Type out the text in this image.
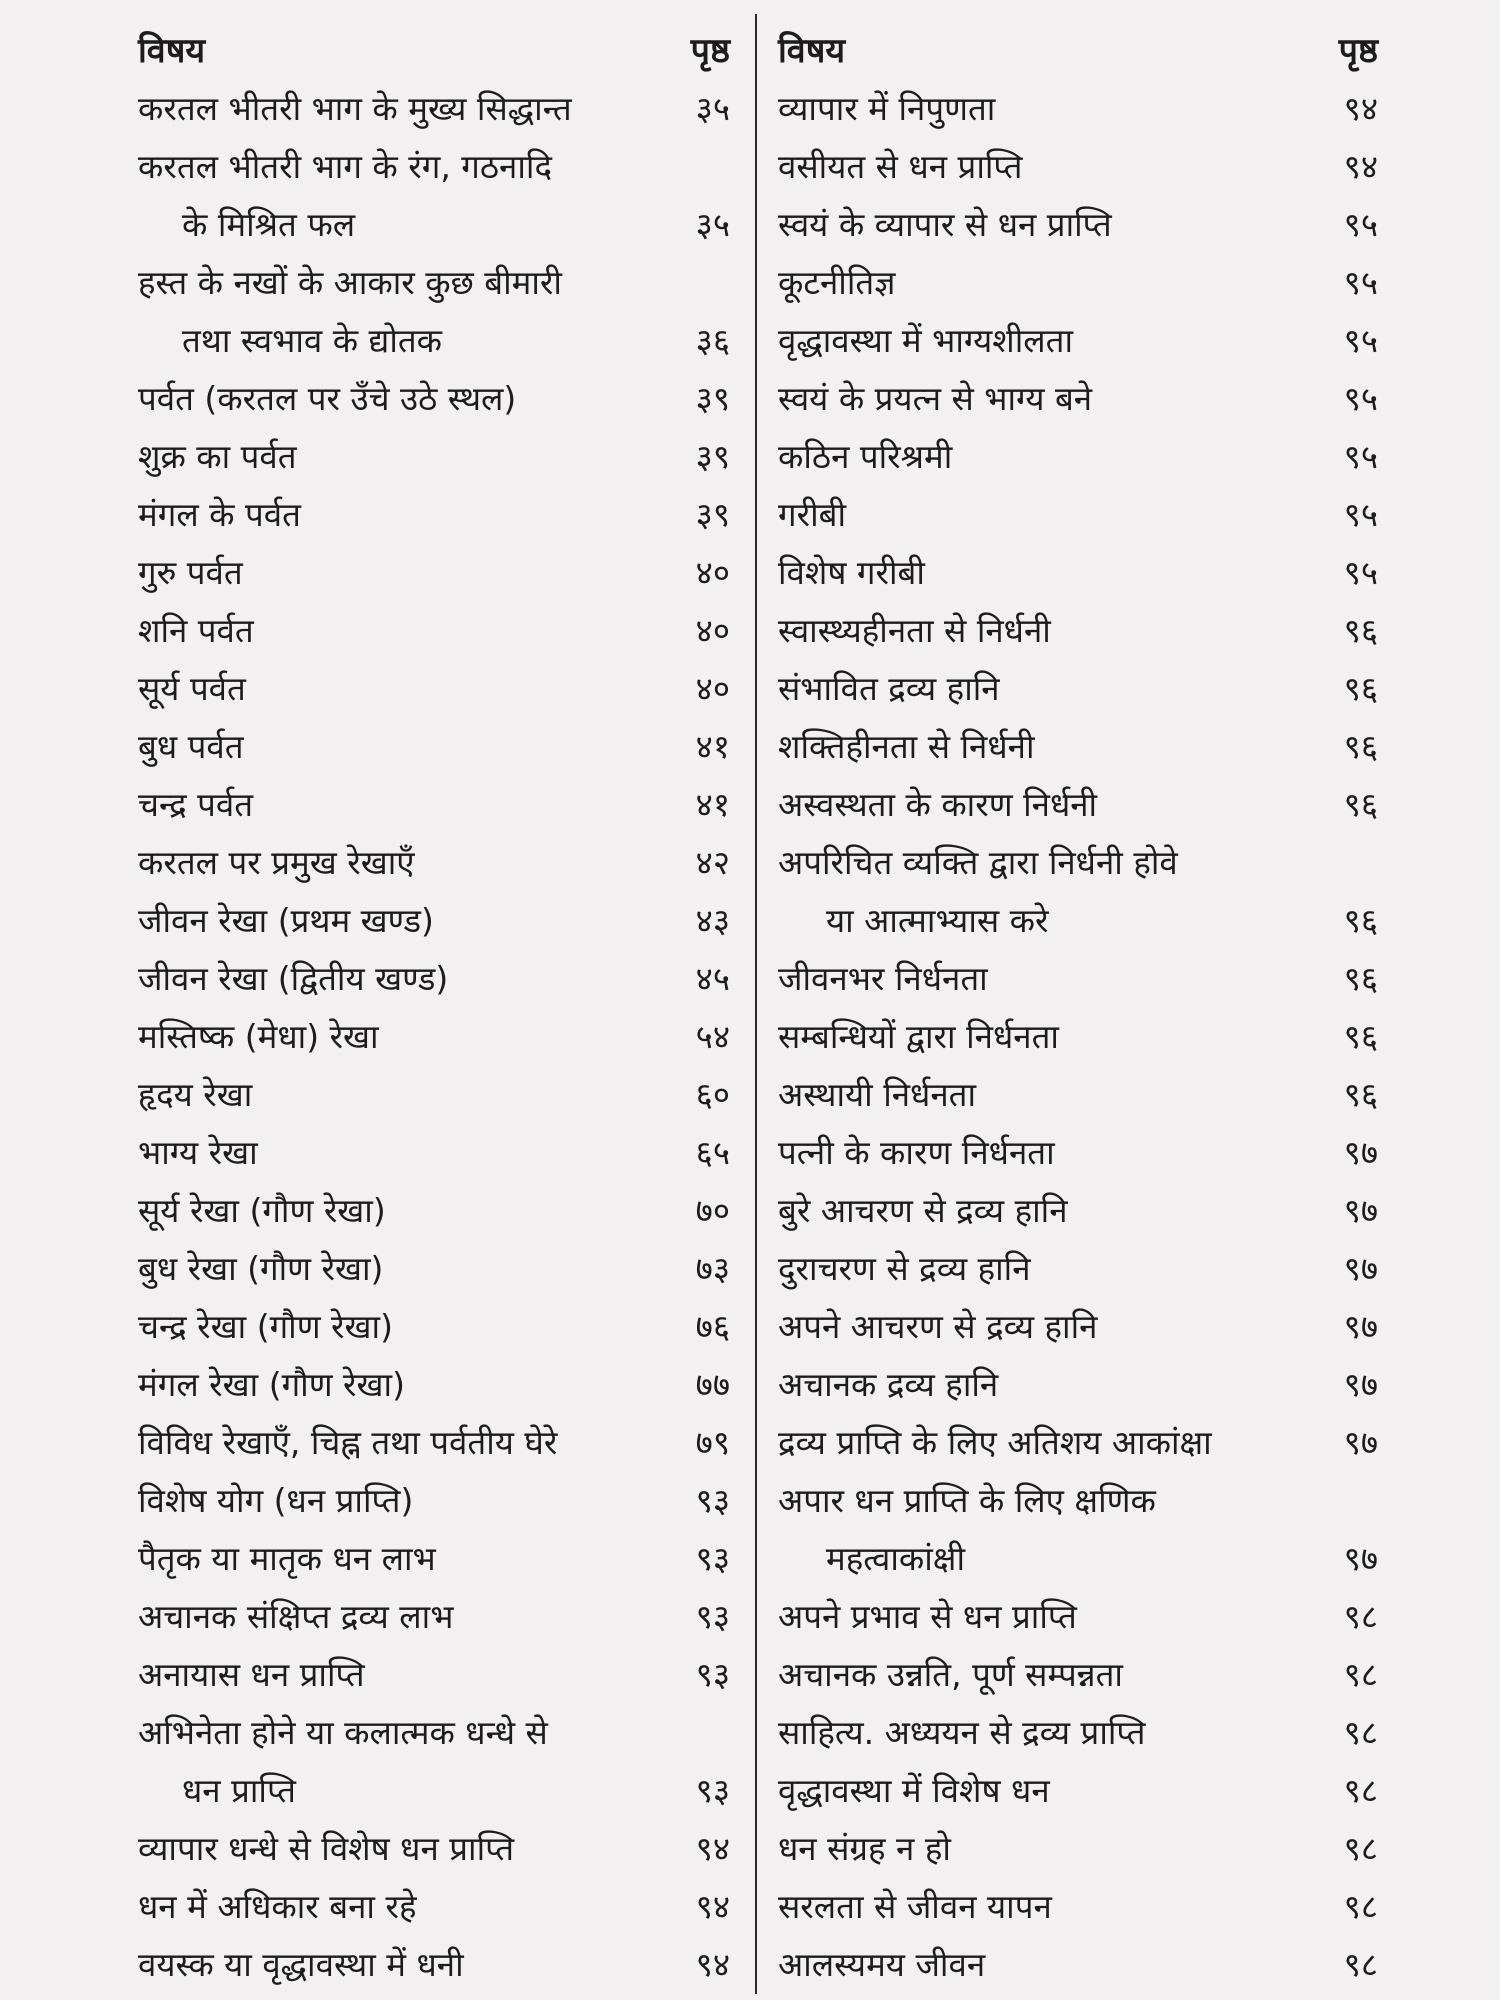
विषय	पृष्ठ
करतल भीतरी भाग के मुख्य सिद्धान्त	३५
करतल भीतरी भाग के रंग, गठनादि
के मिश्रित फल	३५
हस्त के नखों के आकार कुछ बीमारी
तथा स्वभाव के द्योतक	३६
पर्वत (करतल पर उँचे उठे स्थल)	३९
शुक्र का पर्वत	३९
मंगल के पर्वत	३९
गुरु पर्वत	४०
शनि पर्वत	४०
सूर्य पर्वत	४०
बुध पर्वत	४१
चन्द्र पर्वत	४१
करतल पर प्रमुख रेखाएँ	४२
जीवन रेखा (प्रथम खण्ड)	४३
जीवन रेखा (द्वितीय खण्ड)	४५
मस्तिष्क (मेधा) रेखा	५४
हृदय रेखा	६०
भाग्य रेखा	६५
सूर्य रेखा (गौण रेखा)	७०
बुध रेखा (गौण रेखा)	७३
चन्द्र रेखा (गौण रेखा)	७६
मंगल रेखा (गौण रेखा)	७७
विविध रेखाएँ, चिह्न तथा पर्वतीय घेरे	७९
विशेष योग (धन प्राप्ति)	९३
पैतृक या मातृक धन लाभ	९३
अचानक संक्षिप्त द्रव्य लाभ	९३
अनायास धन प्राप्ति	९३
अभिनेता होने या कलात्मक धन्धे से
धन प्राप्ति	९३
व्यापार धन्धे से विशेष धन प्राप्ति	९४
धन में अधिकार बना रहे	९४
वयस्क या वृद्धावस्था में धनी	९४
विषय	पृष्ठ
व्यापार में निपुणता	९४
वसीयत से धन प्राप्ति	९४
स्वयं के व्यापार से धन प्राप्ति	९५
कूटनीतिज्ञ	९५
वृद्धावस्था में भाग्यशीलता	९५
स्वयं के प्रयत्न से भाग्य बने	९५
कठिन परिश्रमी	९५
गरीबी	९५
विशेष गरीबी	९५
स्वास्थ्यहीनता से निर्धनी	९६
संभावित द्रव्य हानि	९६
शक्तिहीनता से निर्धनी	९६
अस्वस्थता के कारण निर्धनी	९६
अपरिचित व्यक्ति द्वारा निर्धनी होवे
या आत्माभ्यास करे	९६
जीवनभर निर्धनता	९६
सम्बन्धियों द्वारा निर्धनता	९६
अस्थायी निर्धनता	९६
पत्नी के कारण निर्धनता	९७
बुरे आचरण से द्रव्य हानि	९७
दुराचरण से द्रव्य हानि	९७
अपने आचरण से द्रव्य हानि	९७
अचानक द्रव्य हानि	९७
द्रव्य प्राप्ति के लिए अतिशय आकांक्षा	९७
अपार धन प्राप्ति के लिए क्षणिक
महत्वाकांक्षी	९७
अपने प्रभाव से धन प्राप्ति	९८
अचानक उन्नति, पूर्ण सम्पन्नता	९८
साहित्य. अध्ययन से द्रव्य प्राप्ति	९८
वृद्धावस्था में विशेष धन	९८
धन संग्रह न हो	९८
सरलता से जीवन यापन	९८
आलस्यमय जीवन	९८
